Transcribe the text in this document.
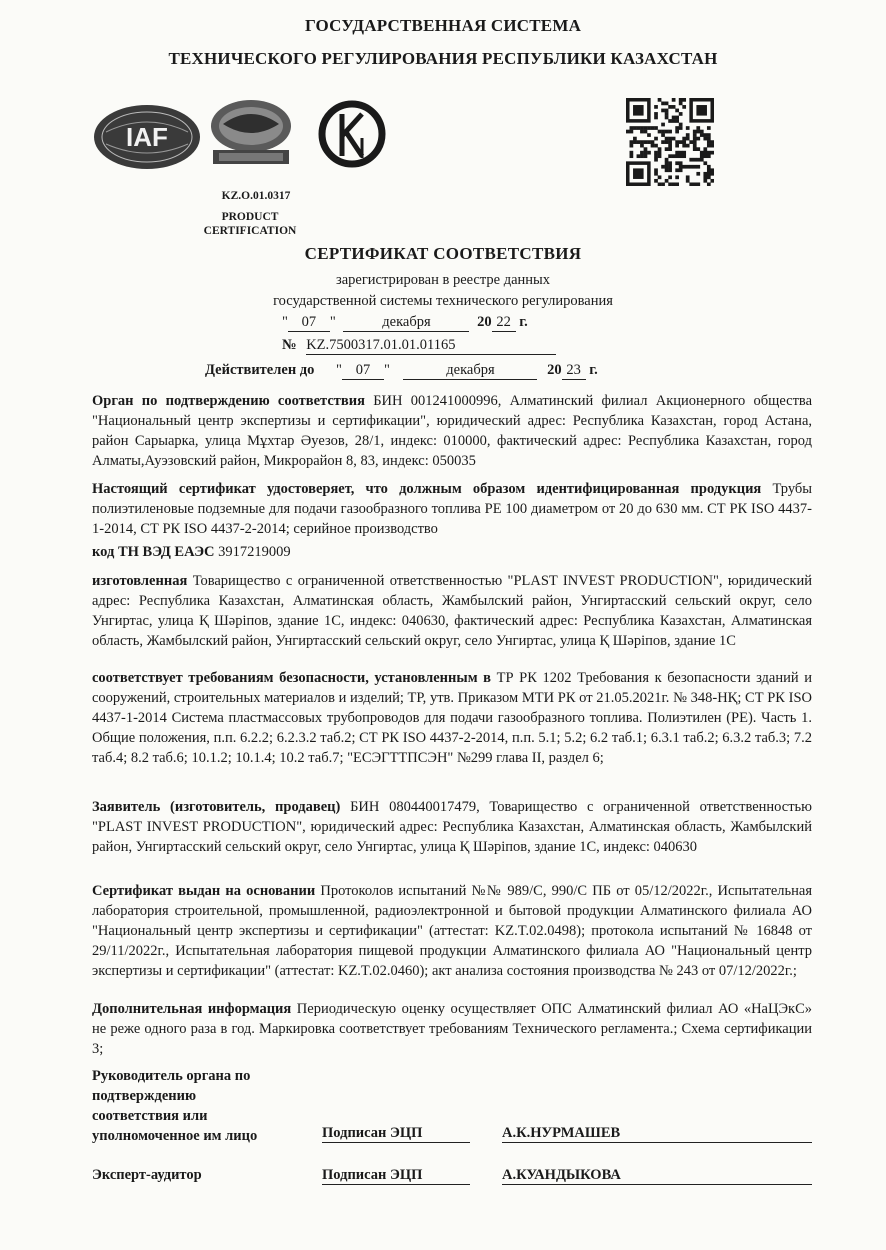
ГОСУДАРСТВЕННАЯ СИСТЕМА
ТЕХНИЧЕСКОГО РЕГУЛИРОВАНИЯ РЕСПУБЛИКИ КАЗАХСТАН
IAF
KZ.O.01.0317
PRODUCT
CERTIFICATION
СЕРТИФИКАТ СООТВЕТСТВИЯ
зарегистрирован в реестре данных
государственной системы технического регулирования
" 07 "	декабря	20 22 г.
№ KZ.7500317.01.01.01165
Действителен до " 07 "	декабря	20 23 г.
Орган по подтверждению соответствия БИН 001241000996, Алматинский филиал Акционерного общества "Национальный центр экспертизы и сертификации", юридический адрес: Республика Казахстан, город Астана, район Сарыарка, улица Мұхтар Әуезов, 28/1, индекс: 010000, фактический адрес: Республика Казахстан, город Алматы,Ауэзовский район, Микрорайон 8, 83, индекс: 050035
Настоящий сертификат удостоверяет, что должным образом идентифицированная продукция Трубы полиэтиленовые подземные для подачи газообразного топлива РЕ 100 диаметром от 20 до 630 мм. СТ РК ISO 4437-1-2014, СТ РК ISO 4437-2-2014; серийное производство
код ТН ВЭД ЕАЭС 3917219009
изготовленная Товарищество с ограниченной ответственностью "PLAST INVEST PRODUCTION", юридический адрес: Республика Казахстан, Алматинская область, Жамбылский район, Унгиртасский сельский округ, село Унгиртас, улица Қ Шәріпов, здание 1С, индекс: 040630, фактический адрес: Республика Казахстан, Алматинская область, Жамбылский район, Унгиртасский сельский округ, село Унгиртас, улица Қ Шәріпов, здание 1С
соответствует требованиям безопасности, установленным в ТР РК 1202 Требования к безопасности зданий и сооружений, строительных материалов и изделий; ТР, утв. Приказом МТИ РК от 21.05.2021г. № 348-НҚ; СТ РК ISO 4437-1-2014 Система пластмассовых трубопроводов для подачи газообразного топлива. Полиэтилен (РЕ). Часть 1. Общие положения, п.п. 6.2.2; 6.2.3.2 таб.2; СТ РК ISO 4437-2-2014, п.п. 5.1; 5.2; 6.2 таб.1; 6.3.1 таб.2; 6.3.2 таб.3; 7.2 таб.4; 8.2 таб.6; 10.1.2; 10.1.4; 10.2 таб.7; "ЕСЭГТТПСЭН" №299 глава II, раздел 6;
Заявитель (изготовитель, продавец) БИН 080440017479, Товарищество с ограниченной ответственностью "PLAST INVEST PRODUCTION", юридический адрес: Республика Казахстан, Алматинская область, Жамбылский район, Унгиртасский сельский округ, село Унгиртас, улица Қ Шәріпов, здание 1С, индекс: 040630
Сертификат выдан на основании Протоколов испытаний №№ 989/С, 990/С ПБ от 05/12/2022г., Испытательная лаборатория строительной, промышленной, радиоэлектронной и бытовой продукции Алматинского филиала АО "Национальный центр экспертизы и сертификации" (аттестат: KZ.T.02.0498); протокола испытаний № 16848 от 29/11/2022г., Испытательная лаборатория пищевой продукции Алматинского филиала АО "Национальный центр экспертизы и сертификации" (аттестат: KZ.T.02.0460); акт анализа состояния производства № 243 от 07/12/2022г.;
Дополнительная информация Периодическую оценку осуществляет ОПС Алматинский филиал АО «НаЦЭкС» не реже одного раза в год. Маркировка соответствует требованиям Технического регламента.; Схема сертификации 3;
Руководитель органа по
подтверждению
соответствия или
уполномоченное им лицо	Подписан ЭЦП	А.К.НУРМАШЕВ
Эксперт-аудитор	Подписан ЭЦП	А.КУАНДЫКОВА
